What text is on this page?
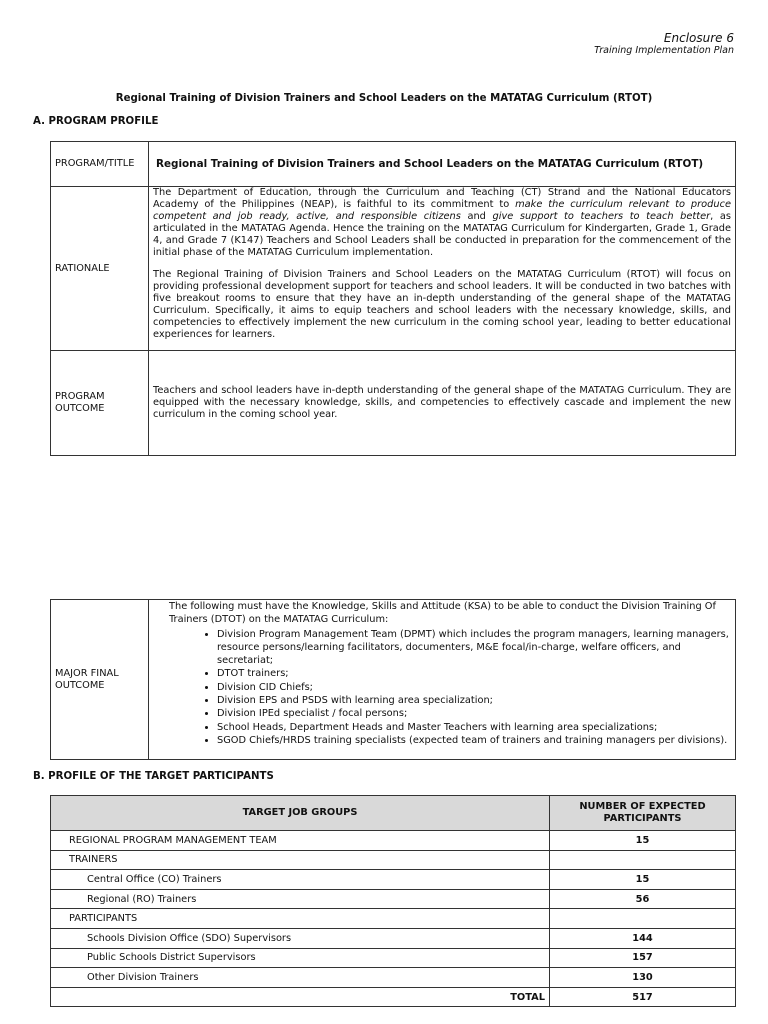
Enclosure 6
Training Implementation Plan
Regional Training of Division Trainers and School Leaders on the MATATAG Curriculum (RTOT)
A. PROGRAM PROFILE
PROGRAM/TITLE	Regional Training of Division Trainers and School Leaders on the MATATAG Curriculum (RTOT)
RATIONALE	The Department of Education, through the Curriculum and Teaching (CT) Strand and the National Educators Academy of the Philippines (NEAP), is faithful to its commitment to make the curriculum relevant to produce competent and job ready, active, and responsible citizens and give support to teachers to teach better, as articulated in the MATATAG Agenda. Hence the training on the MATATAG Curriculum for Kindergarten, Grade 1, Grade 4, and Grade 7 (K147) Teachers and School Leaders shall be conducted in preparation for the commencement of the initial phase of the MATATAG Curriculum implementation.

The Regional Training of Division Trainers and School Leaders on the MATATAG Curriculum (RTOT) will focus on providing professional development support for teachers and school leaders. It will be conducted in two batches with five breakout rooms to ensure that they have an in-depth understanding of the general shape of the MATATAG Curriculum. Specifically, it aims to equip teachers and school leaders with the necessary knowledge, skills, and competencies to effectively implement the new curriculum in the coming school year, leading to better educational experiences for learners.

PROGRAM OUTCOME	Teachers and school leaders have in-depth understanding of the general shape of the MATATAG Curriculum. They are equipped with the necessary knowledge, skills, and competencies to effectively cascade and implement the new curriculum in the coming school year.
MAJOR FINAL OUTCOME	

The following must have the Knowledge, Skills and Attitude (KSA) to be able to conduct the Division Training Of Trainers (DTOT) on the MATATAG Curriculum:

• Division Program Management Team (DPMT) which includes the program managers, learning managers, resource persons/learning facilitators, documenters, M&E focal/in-charge, welfare officers, and secretariat;
• DTOT trainers;
• Division CID Chiefs;
• Division EPS and PSDS with learning area specialization;
• Division IPEd specialist / focal persons;
• School Heads, Department Heads and Master Teachers with learning area specializations;
• SGOD Chiefs/HRDS training specialists (expected team of trainers and training managers per divisions).
B. PROFILE OF THE TARGET PARTICIPANTS
TARGET JOB GROUPS	NUMBER OF EXPECTED PARTICIPANTS
REGIONAL PROGRAM MANAGEMENT TEAM	15
TRAINERS	
Central Office (CO) Trainers	15
Regional (RO) Trainers	56
PARTICIPANTS	
Schools Division Office (SDO) Supervisors	144
Public Schools District Supervisors	157
Other Division Trainers	130
TOTAL	517
